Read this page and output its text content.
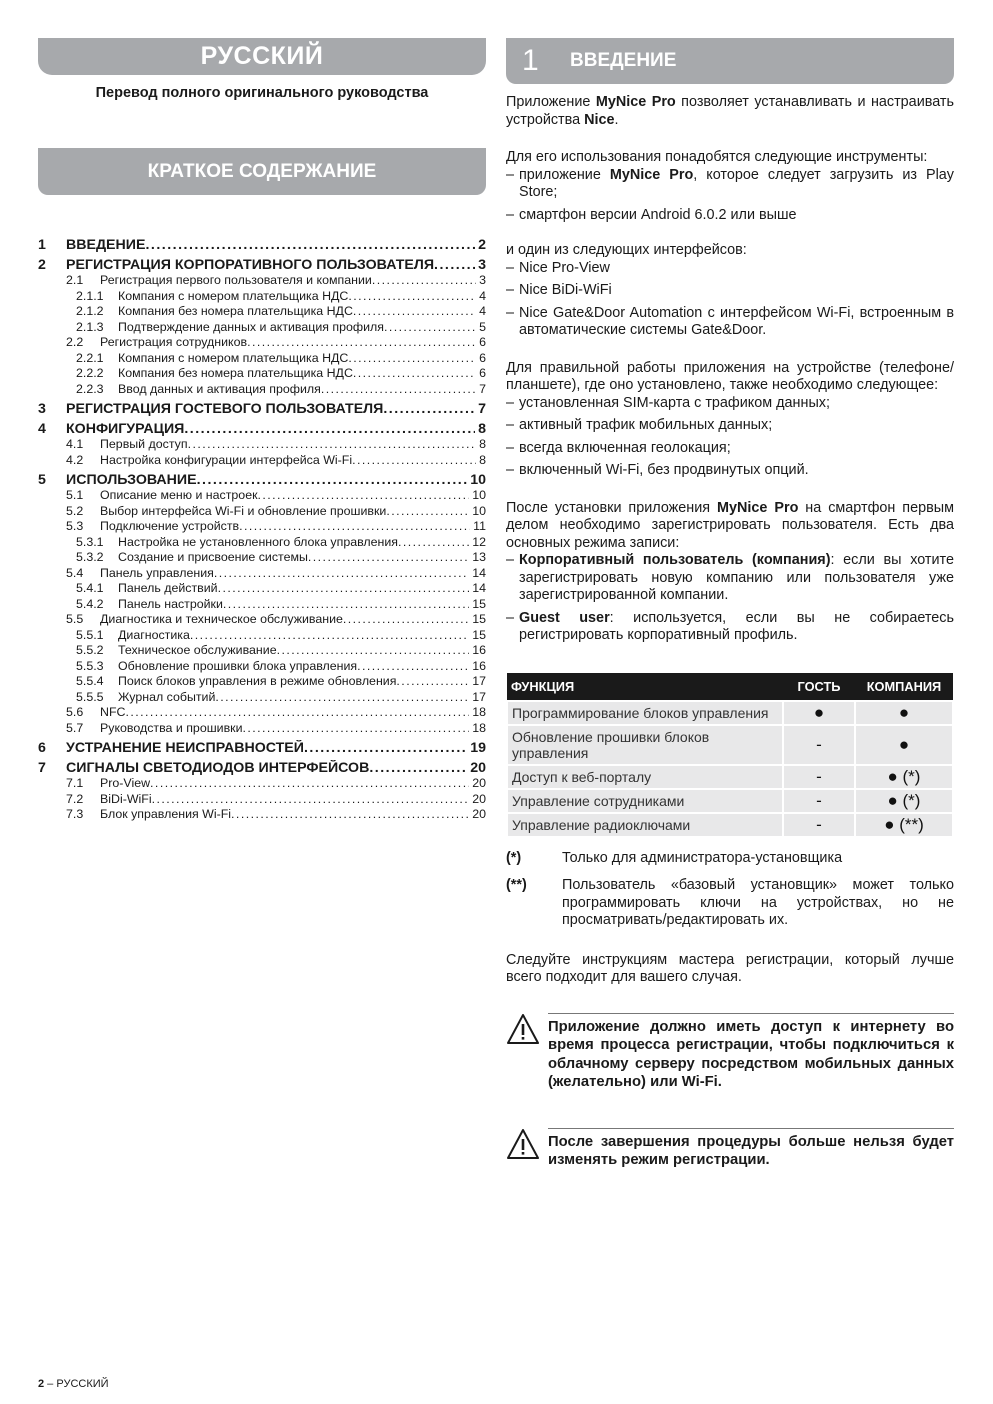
РУССКИЙ
Перевод полного оригинального руководства
КРАТКОЕ СОДЕРЖАНИЕ
1	ВВЕДЕНИЕ .....	2
2	РЕГИСТРАЦИЯ КОРПОРАТИВНОГО ПОЛЬЗОВАТЕЛЯ .....	3
2.1	Регистрация первого пользователя и компании . . .	3
2.1.1	Компания с номером плательщика НДС . . .	4
2.1.2	Компания без номера плательщика НДС . . .	4
2.1.3	Подтверждение данных и активация профиля . . .	5
2.2	Регистрация сотрудников . . .	6
2.2.1	Компания с номером плательщика НДС . . .	6
2.2.2	Компания без номера плательщика НДС . . .	6
2.2.3	Ввод данных и активация профиля . . .	7
3	РЕГИСТРАЦИЯ ГОСТЕВОГО ПОЛЬЗОВАТЕЛЯ .....	7
4	КОНФИГУРАЦИЯ .....	8
4.1	Первый доступ . . .	8
4.2	Настройка конфигурации интерфейса Wi-Fi . . .	8
5	ИСПОЛЬЗОВАНИЕ .....	10
5.1	Описание меню и настроек . . .	10
5.2	Выбор интерфейса Wi-Fi и обновление прошивки . . .	10
5.3	Подключение устройств . . .	11
5.3.1	Настройка не установленного блока управления . . .	12
5.3.2	Создание и присвоение системы . . .	13
5.4	Панель управления . . .	14
5.4.1	Панель действий . . .	14
5.4.2	Панель настройки . . .	15
5.5	Диагностика и техническое обслуживание . . .	15
5.5.1	Диагностика . . .	15
5.5.2	Техническое обслуживание . . .	16
5.5.3	Обновление прошивки блока управления . . .	16
5.5.4	Поиск блоков управления в режиме обновления . . .	17
5.5.5	Журнал событий . . .	17
5.6	NFC . . .	18
5.7	Руководства и прошивки . . .	18
6	УСТРАНЕНИЕ НЕИСПРАВНОСТЕЙ .....	19
7	СИГНАЛЫ СВЕТОДИОДОВ ИНТЕРФЕЙСОВ .....	20
7.1	Pro-View . . .	20
7.2	BiDi-WiFi . . .	20
7.3	Блок управления Wi-Fi . . .	20
1	ВВЕДЕНИЕ

Приложение MyNice Pro позволяет устанавливать и настраивать устройства Nice.

Для его использования понадобятся следующие инструменты:

– приложение MyNice Pro, которое следует загрузить из Play Store;
– смартфон версии Android 6.0.2 или выше

и один из следующих интерфейсов:

– Nice Pro-View
– Nice BiDi-WiFi
– Nice Gate&Door Automation с интерфейсом Wi-Fi, встроенным в автоматические системы Gate&Door.

Для правильной работы приложения на устройстве (телефоне/планшете), где оно установлено, также необходимо следующее:

– установленная SIM-карта с трафиком данных;
– активный трафик мобильных данных;
– всегда включенная геолокация;
– включенный Wi-Fi, без продвинутых опций.

После установки приложения MyNice Pro на смартфон первым делом необходимо зарегистрировать пользователя. Есть два основных режима записи:

– Корпоративный пользователь (компания): если вы хотите зарегистрировать новую компанию или пользователя уже зарегистрированной компании.
– Guest user: используется, если вы не собираетесь регистрировать корпоративный профиль.
ФУНКЦИЯ	ГОСТЬ	КОМПАНИЯ
Программирование блоков управления	●	●
Обновление прошивки блоков управления	-	●
Доступ к веб-порталу	-	● (*)
Управление сотрудниками	-	● (*)
Управление радиоключами	-	● (**)
(*)	Только для администратора-установщика
(**)	Пользователь «базовый установщик» может только программировать ключи на устройствах, но не просматривать/редактировать их.

Следуйте инструкциям мастера регистрации, который лучше всего подходит для вашего случая.

Приложение должно иметь доступ к интернету во время процесса регистрации, чтобы подключиться к облачному серверу посредством мобильных данных (желательно) или Wi-Fi.
После завершения процедуры больше нельзя будет изменять режим регистрации.
2 – РУССКИЙ
